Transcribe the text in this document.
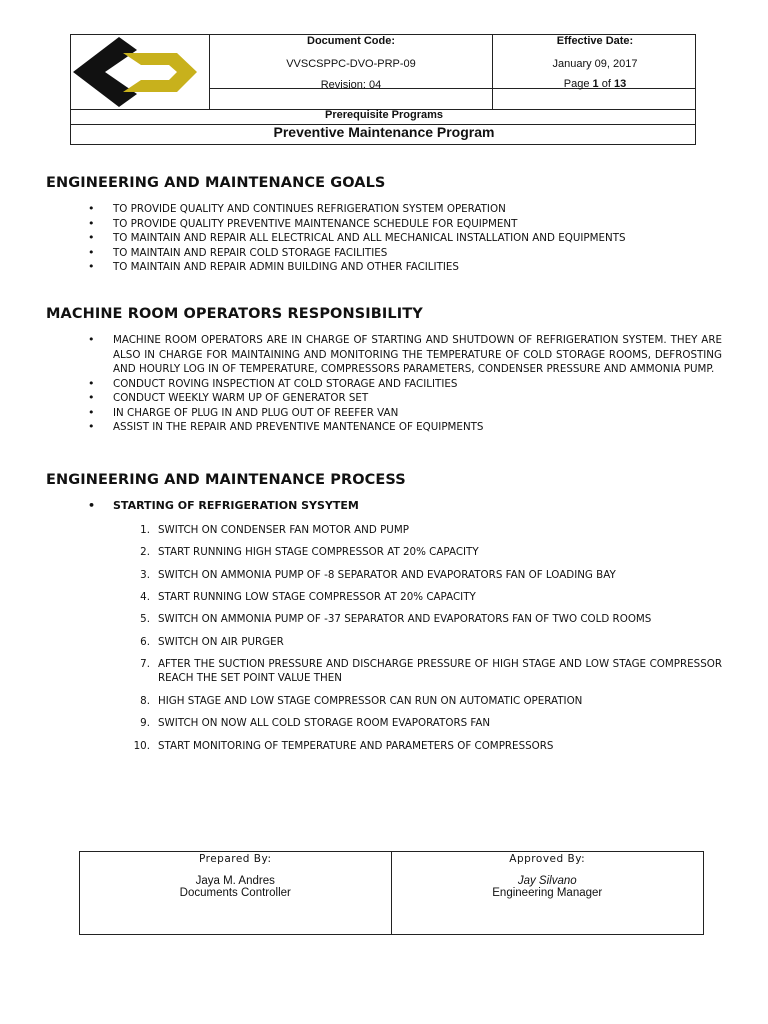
Document Code:
VVSCSPPC-DVO-PRP-09
Revision: 04
Effective Date:
January 09, 2017
Page 1 of 13
Prerequisite Programs
Preventive Maintenance Program
ENGINEERING AND MAINTENANCE GOALS
• TO PROVIDE QUALITY AND CONTINUES REFRIGERATION SYSTEM OPERATION
• TO PROVIDE QUALITY PREVENTIVE MAINTENANCE SCHEDULE FOR EQUIPMENT
• TO MAINTAIN AND REPAIR ALL ELECTRICAL AND ALL MECHANICAL INSTALLATION AND EQUIPMENTS
• TO MAINTAIN AND REPAIR COLD STORAGE FACILITIES
• TO MAINTAIN AND REPAIR ADMIN BUILDING AND OTHER FACILITIES
MACHINE ROOM OPERATORS RESPONSIBILITY
• MACHINE ROOM OPERATORS ARE IN CHARGE OF STARTING AND SHUTDOWN OF REFRIGERATION SYSTEM. THEY ARE ALSO IN CHARGE FOR MAINTAINING AND MONITORING THE TEMPERATURE OF COLD STORAGE ROOMS, DEFROSTING AND HOURLY LOG IN OF TEMPERATURE, COMPRESSORS PARAMETERS, CONDENSER PRESSURE AND AMMONIA PUMP.
• CONDUCT ROVING INSPECTION AT COLD STORAGE AND FACILITIES
• CONDUCT WEEKLY WARM UP OF GENERATOR SET
• IN CHARGE OF PLUG IN AND PLUG OUT OF REEFER VAN
• ASSIST IN THE REPAIR AND PREVENTIVE MANTENANCE OF EQUIPMENTS
ENGINEERING AND MAINTENANCE PROCESS
• STARTING OF REFRIGERATION SYSYTEM
1. SWITCH ON CONDENSER FAN MOTOR AND PUMP
2. START RUNNING HIGH STAGE COMPRESSOR AT 20% CAPACITY
3. SWITCH ON AMMONIA PUMP OF -8 SEPARATOR AND EVAPORATORS FAN OF LOADING BAY
4. START RUNNING LOW STAGE COMPRESSOR AT 20% CAPACITY
5. SWITCH ON AMMONIA PUMP OF -37 SEPARATOR AND EVAPORATORS FAN OF TWO COLD ROOMS
6. SWITCH ON AIR PURGER
7. AFTER THE SUCTION PRESSURE AND DISCHARGE PRESSURE OF HIGH STAGE AND LOW STAGE COMPRESSOR REACH THE SET POINT VALUE THEN
8. HIGH STAGE AND LOW STAGE COMPRESSOR CAN RUN ON AUTOMATIC OPERATION
9. SWITCH ON NOW ALL COLD STORAGE ROOM EVAPORATORS FAN
10. START MONITORING OF TEMPERATURE AND PARAMETERS OF COMPRESSORS
Prepared By:
Jaya M. Andres
Documents Controller
Approved By:
Jay Silvano
Engineering Manager
